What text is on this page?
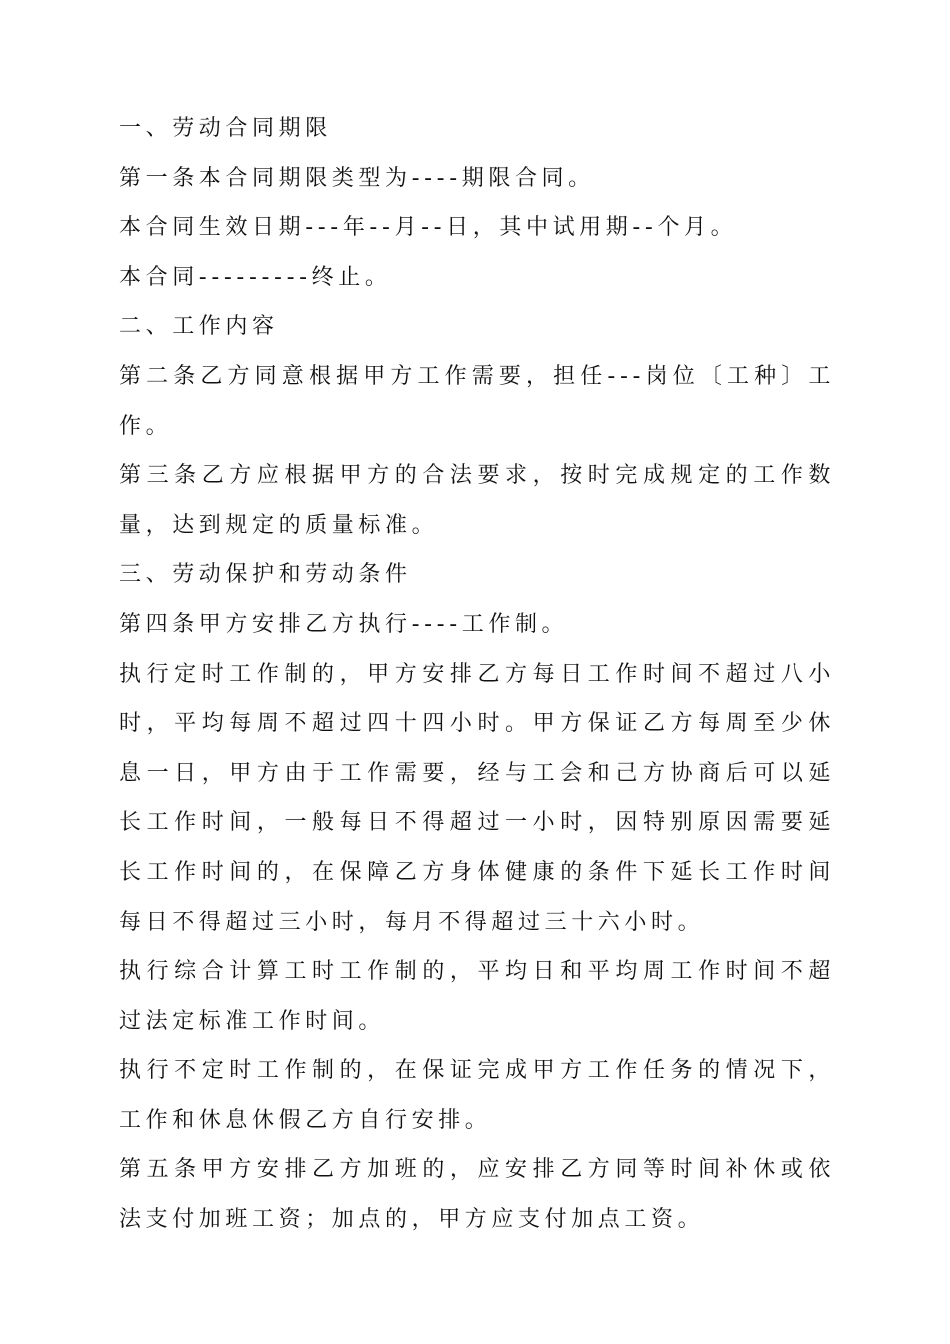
一、劳动合同期限

第一条本合同期限类型为----期限合同。

本合同生效日期---年--月--日，其中试用期--个月。

本合同---------终止。

二、工作内容

第二条乙方同意根据甲方工作需要，担任---岗位〔工种〕工作。

第三条乙方应根据甲方的合法要求，按时完成规定的工作数量，达到规定的质量标准。

三、劳动保护和劳动条件

第四条甲方安排乙方执行----工作制。

执行定时工作制的，甲方安排乙方每日工作时间不超过八小时，平均每周不超过四十四小时。甲方保证乙方每周至少休息一日，甲方由于工作需要，经与工会和己方协商后可以延长工作时间，一般每日不得超过一小时，因特别原因需要延长工作时间的，在保障乙方身体健康的条件下延长工作时间每日不得超过三小时，每月不得超过三十六小时。

执行综合计算工时工作制的，平均日和平均周工作时间不超过法定标准工作时间。

执行不定时工作制的，在保证完成甲方工作任务的情况下，工作和休息休假乙方自行安排。

第五条甲方安排乙方加班的，应安排乙方同等时间补休或依法支付加班工资；加点的，甲方应支付加点工资。
